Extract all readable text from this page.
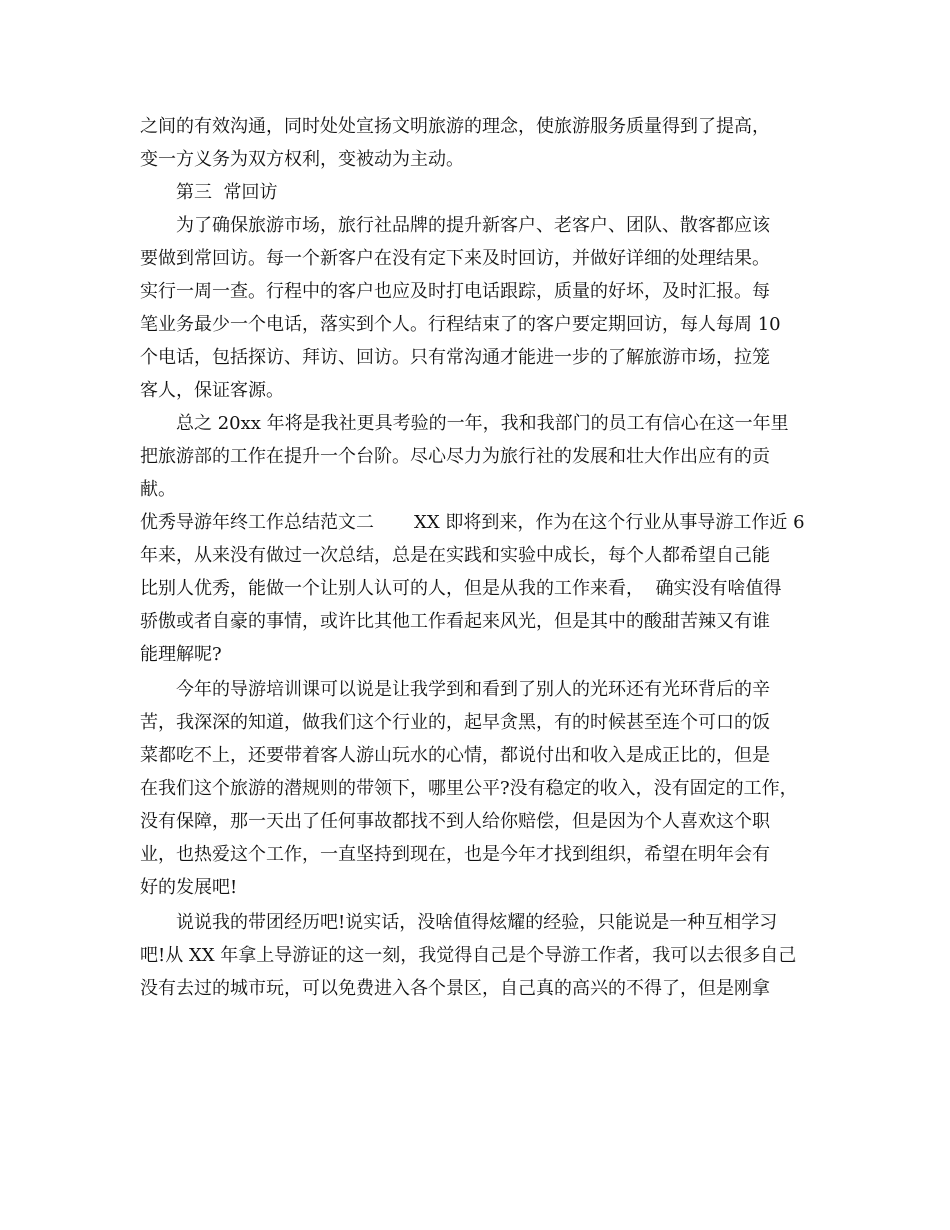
之间的有效沟通，同时处处宣扬文明旅游的理念，使旅游服务质量得到了提高，
变一方义务为双方权利，变被动为主动。
第三  常回访
为了确保旅游市场，旅行社品牌的提升新客户、老客户、团队、散客都应该
要做到常回访。每一个新客户在没有定下来及时回访，并做好详细的处理结果。
实行一周一查。行程中的客户也应及时打电话跟踪，质量的好坏，及时汇报。每
笔业务最少一个电话，落实到个人。行程结束了的客户要定期回访，每人每周 10
个电话，包括探访、拜访、回访。只有常沟通才能进一步的了解旅游市场，拉笼
客人，保证客源。
总之 20xx 年将是我社更具考验的一年，我和我部门的员工有信心在这一年里
把旅游部的工作在提升一个台阶。尽心尽力为旅行社的发展和壮大作出应有的贡
献。
优秀导游年终工作总结范文二       XX 即将到来，作为在这个行业从事导游工作近 6
年来，从来没有做过一次总结，总是在实践和实验中成长，每个人都希望自己能
比别人优秀，能做一个让别人认可的人，但是从我的工作来看，  确实没有啥值得
骄傲或者自豪的事情，或许比其他工作看起来风光，但是其中的酸甜苦辣又有谁
能理解呢?
今年的导游培训课可以说是让我学到和看到了别人的光环还有光环背后的辛
苦，我深深的知道，做我们这个行业的，起早贪黑，有的时候甚至连个可口的饭
菜都吃不上，还要带着客人游山玩水的心情，都说付出和收入是成正比的，但是
在我们这个旅游的潜规则的带领下，哪里公平?没有稳定的收入，没有固定的工作，
没有保障，那一天出了任何事故都找不到人给你赔偿，但是因为个人喜欢这个职
业，也热爱这个工作，一直坚持到现在，也是今年才找到组织，希望在明年会有
好的发展吧!
说说我的带团经历吧!说实话，没啥值得炫耀的经验，只能说是一种互相学习
吧!从 XX 年拿上导游证的这一刻，我觉得自己是个导游工作者，我可以去很多自己
没有去过的城市玩，可以免费进入各个景区，自己真的高兴的不得了，但是刚拿
